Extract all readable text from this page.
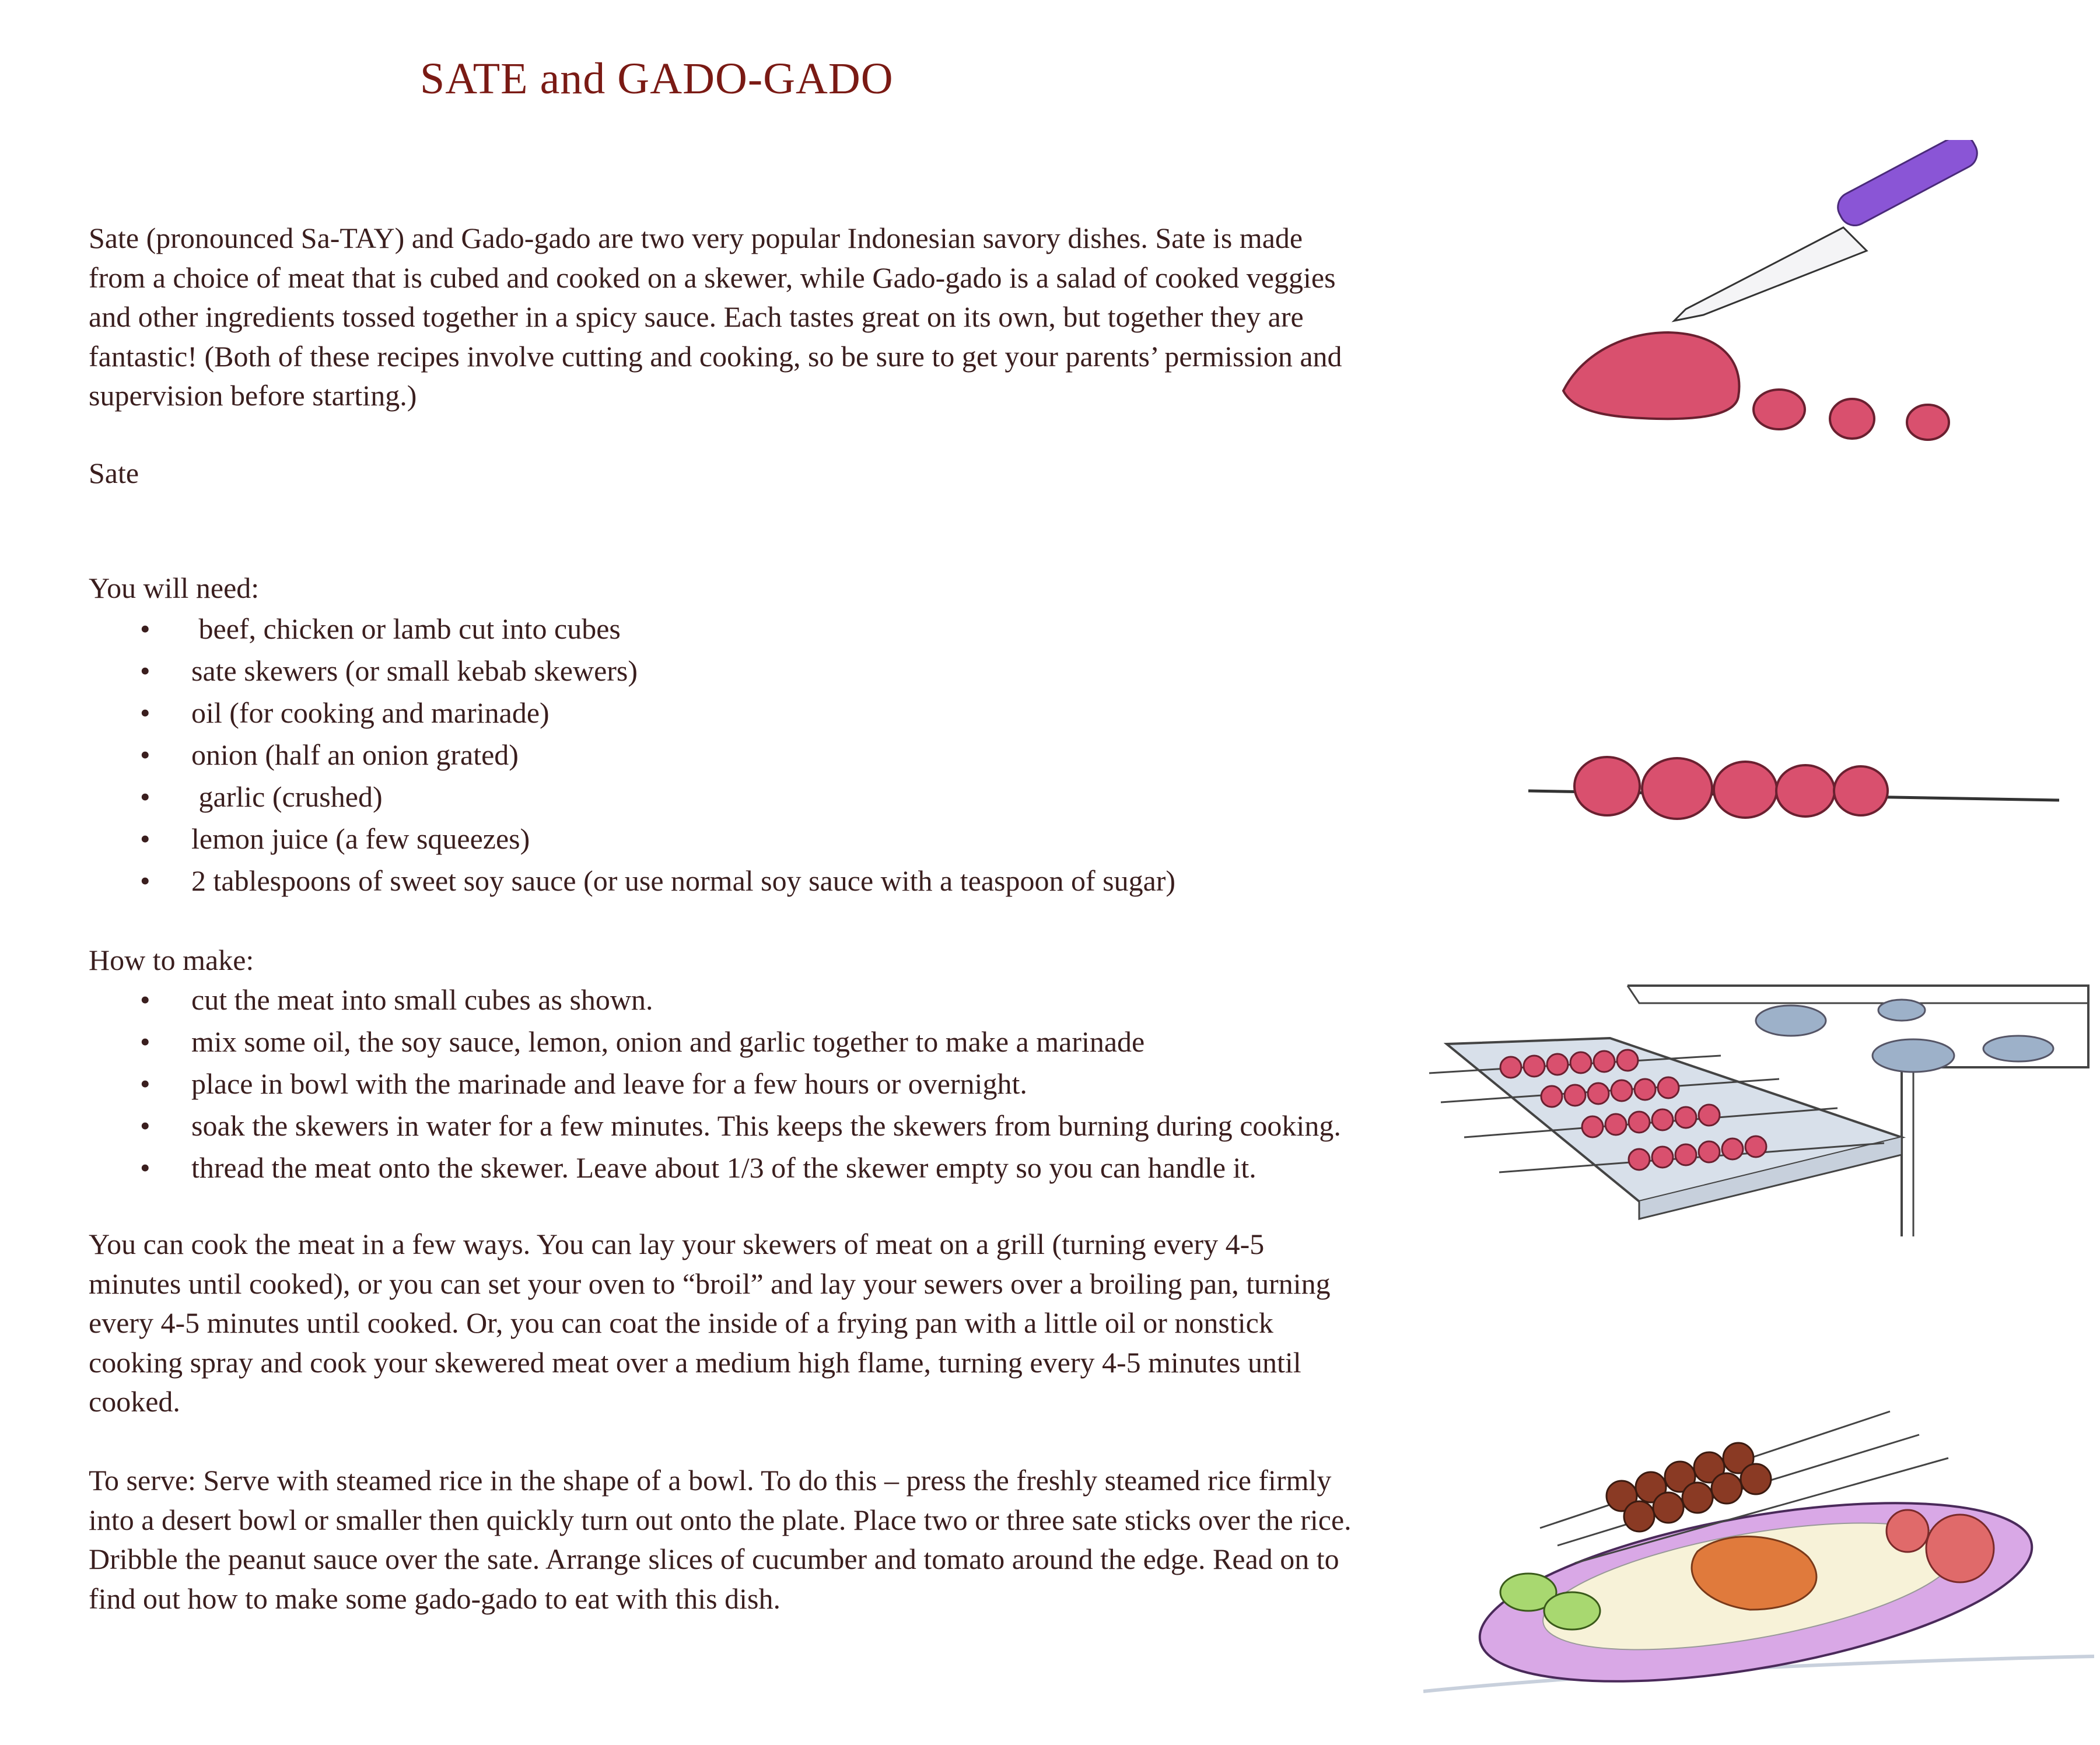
SATE and GADO-GADO

Sate (pronounced Sa-TAY) and Gado-gado are two very popular Indonesian savory dishes. Sate is made from a choice of meat that is cubed and cooked on a skewer, while Gado-gado is a salad of cooked veggies and other ingredients tossed together in a spicy sauce. Each tastes great on its own, but together they are fantastic! (Both of these recipes involve cutting and cooking, so be sure to get your parents’ permission and supervision before starting.)

Sate

You will need:

• beef, chicken or lamb cut into cubes
• sate skewers (or small kebab skewers)
• oil (for cooking and marinade)
• onion (half an onion grated)
• garlic (crushed)
• lemon juice (a few squeezes)
• 2 tablespoons of sweet soy sauce (or use normal soy sauce with a teaspoon of sugar)

How to make:

• cut the meat into small cubes as shown.
• mix some oil, the soy sauce, lemon, onion and garlic together to make a marinade
• place in bowl with the marinade and leave for a few hours or overnight.
• soak the skewers in water for a few minutes. This keeps the skewers from burning during cooking.
• thread the meat onto the skewer. Leave about 1/3 of the skewer empty so you can handle it.

You can cook the meat in a few ways. You can lay your skewers of meat on a grill (turning every 4-5 minutes until cooked), or you can set your oven to “broil” and lay your sewers over a broiling pan, turning every 4-5 minutes until cooked. Or, you can coat the inside of a frying pan with a little oil or nonstick cooking spray and cook your skewered meat over a medium high flame, turning every 4-5 minutes until cooked.

To serve: Serve with steamed rice in the shape of a bowl. To do this – press the freshly steamed rice firmly into a desert bowl or smaller then quickly turn out onto the plate. Place two or three sate sticks over the rice. Dribble the peanut sauce over the sate. Arrange slices of cucumber and tomato around the edge. Read on to find out how to make some gado-gado to eat with this dish.
